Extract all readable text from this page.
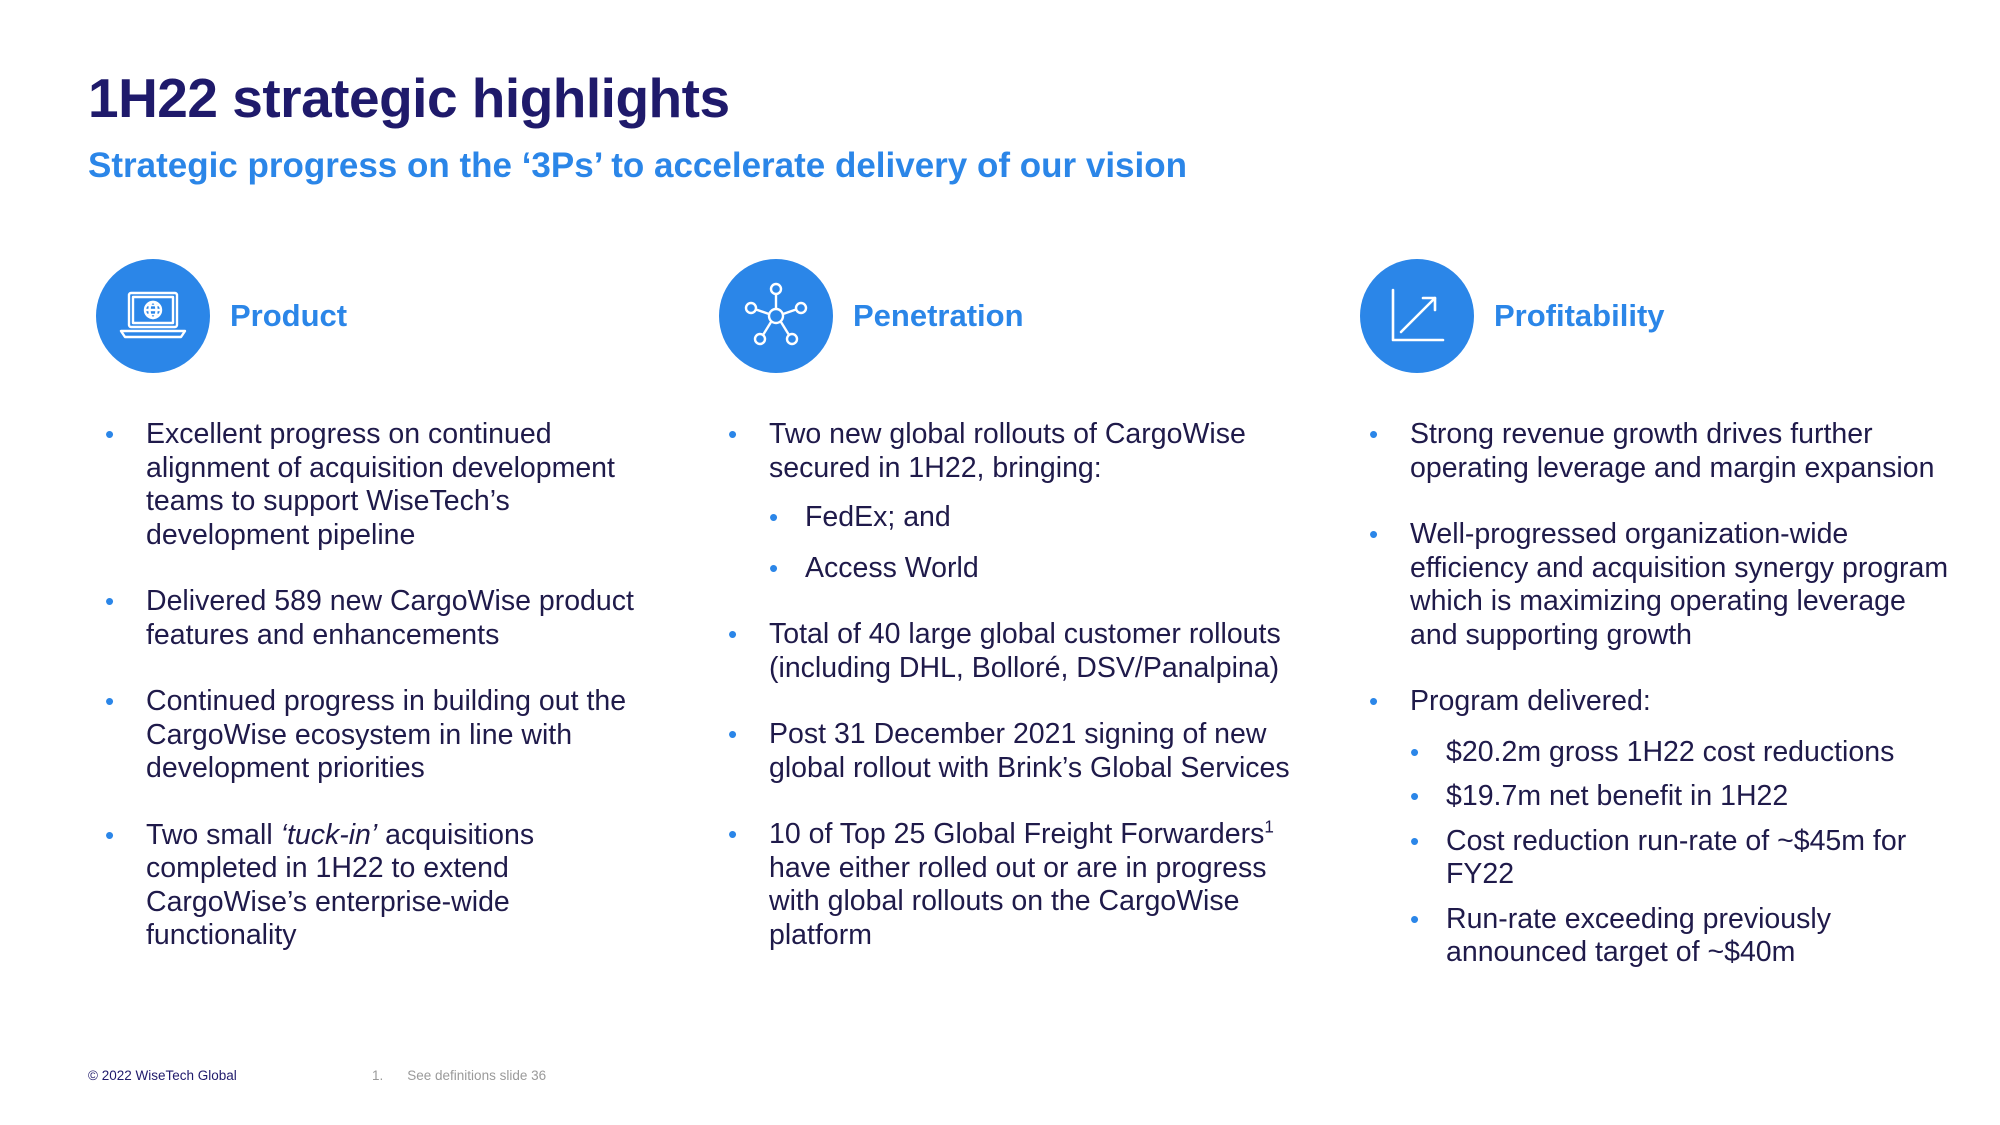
1H22 strategic highlights
Strategic progress on the ‘3Ps’ to accelerate delivery of our vision
Product
• Excellent progress on continued alignment of acquisition development teams to support WiseTech’s development pipeline
• Delivered 589 new CargoWise product features and enhancements
• Continued progress in building out the CargoWise ecosystem in line with development priorities
• Two small ‘tuck-in’ acquisitions completed in 1H22 to extend CargoWise’s enterprise-wide functionality
Penetration
• Two new global rollouts of CargoWise secured in 1H22, bringing:
• FedEx; and
• Access World
• Total of 40 large global customer rollouts (including DHL, Bolloré, DSV/Panalpina)
• Post 31 December 2021 signing of new global rollout with Brink’s Global Services
• 10 of Top 25 Global Freight Forwarders$^1$ have either rolled out or are in progress with global rollouts on the CargoWise platform
Profitability
• Strong revenue growth drives further operating leverage and margin expansion
• Well-progressed organization-wide efficiency and acquisition synergy program which is maximizing operating leverage and supporting growth
• Program delivered:
• $20.2m gross 1H22 cost reductions
• $19.7m net benefit in 1H22
• Cost reduction run-rate of ~$45m for FY22
• Run-rate exceeding previously announced target of ~$40m
© 2022 WiseTech Global	1. See definitions slide 36
